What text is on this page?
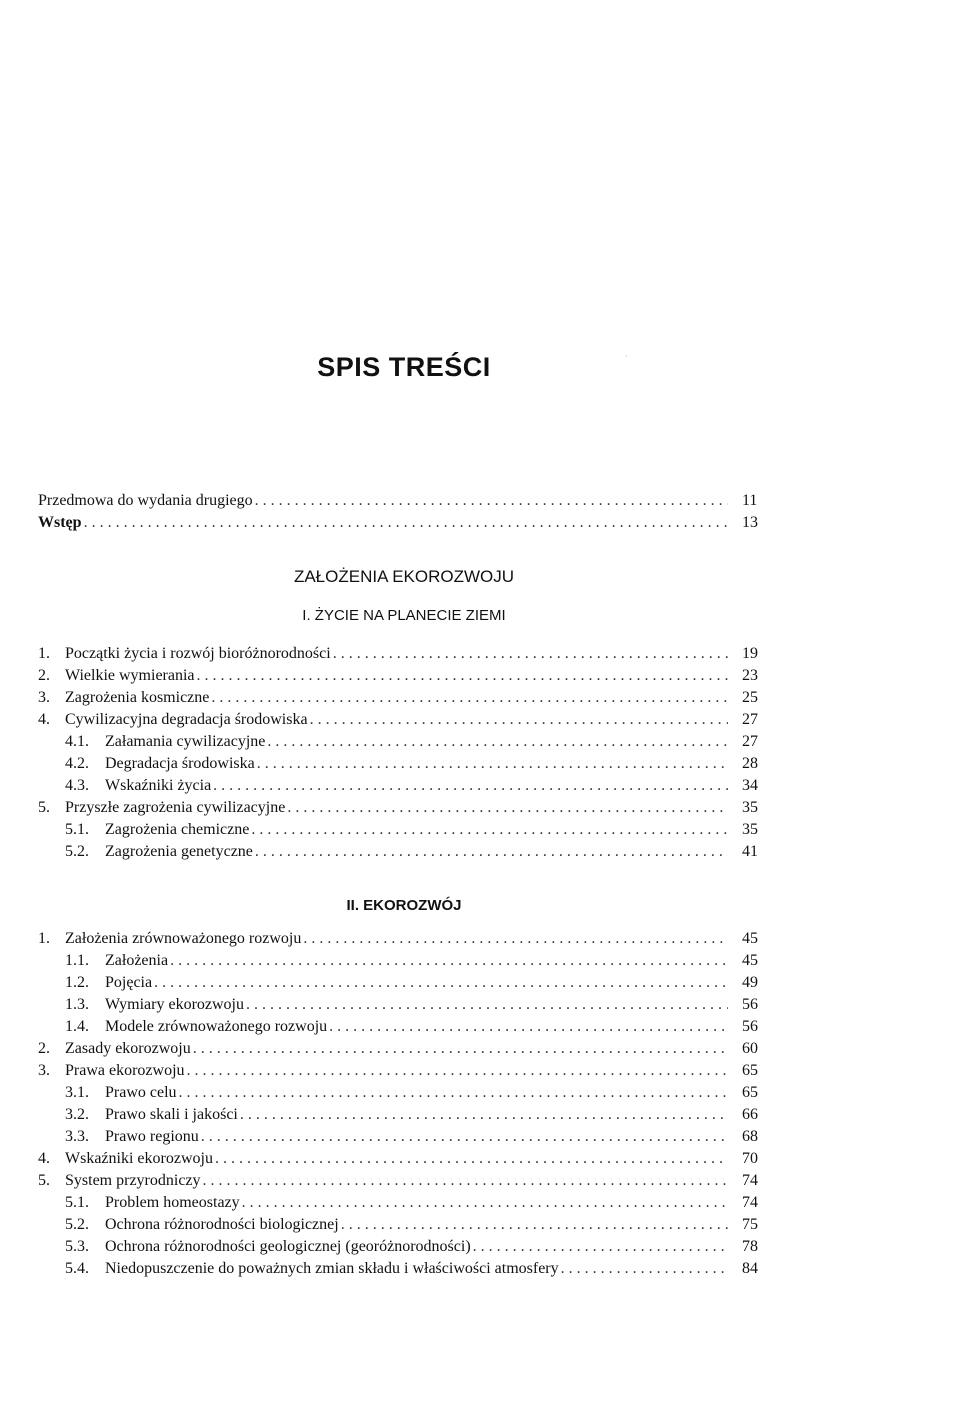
SPIS TREŚCI
Przedmowa do wydania drugiego .....	11
Wstęp .....	13
ZAŁOŻENIA EKOROZWOJU
I. ŻYCIE NA PLANECIE ZIEMI
1. Początki życia i rozwój bioróżnorodności .....	19
2. Wielkie wymierania .....	23
3. Zagrożenia kosmiczne .....	25
4. Cywilizacyjna degradacja środowiska .....	27
4.1.	Załamania cywilizacyjne .....	27
4.2.	Degradacja środowiska .....	28
4.3.	Wskaźniki życia .....	34
5. Przyszłe zagrożenia cywilizacyjne .....	35
5.1.	Zagrożenia chemiczne .....	35
5.2.	Zagrożenia genetyczne .....	41
II. EKOROZWÓJ
1. Założenia zrównoważonego rozwoju .....	45
1.1.	Założenia .....	45
1.2.	Pojęcia .....	49
1.3.	Wymiary ekorozwoju .....	56
1.4.	Modele zrównoważonego rozwoju .....	56
2. Zasady ekorozwoju .....	60
3. Prawa ekorozwoju .....	65
3.1.	Prawo celu .....	65
3.2.	Prawo skali i jakości .....	66
3.3.	Prawo regionu .....	68
4. Wskaźniki ekorozwoju .....	70
5. System przyrodniczy .....	74
5.1.	Problem homeostazy .....	74
5.2.	Ochrona różnorodności biologicznej .....	75
5.3.	Ochrona różnorodności geologicznej (georóżnorodności) .....	78
5.4.	Niedopuszczenie do poważnych zmian składu i właściwości atmosfery .....	84
·
